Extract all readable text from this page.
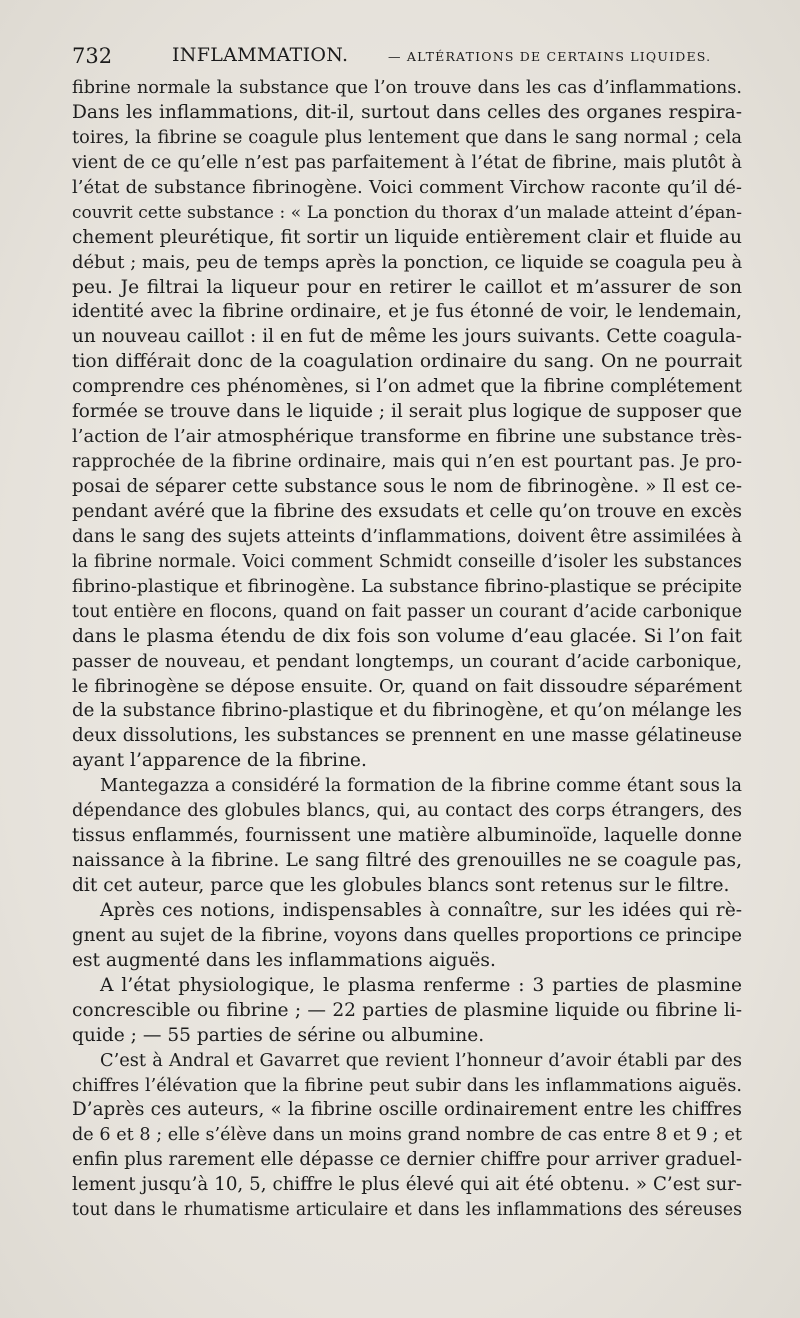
732	INFLAMMATION.	— ALTÉRATIONS DE CERTAINS LIQUIDES.
fibrine normale la substance que l’on trouve dans les cas d’inflammations.
Dans les inflammations, dit-il, surtout dans celles des organes respira-
toires, la fibrine se coagule plus lentement que dans le sang normal ; cela
vient de ce qu’elle n’est pas parfaitement à l’état de fibrine, mais plutôt à
l’état de substance fibrinogène. Voici comment Virchow raconte qu’il dé-
couvrit cette substance : « La ponction du thorax d’un malade atteint d’épan-
chement pleurétique, fit sortir un liquide entièrement clair et fluide au
début ; mais, peu de temps après la ponction, ce liquide se coagula peu à
peu. Je filtrai la liqueur pour en retirer le caillot et m’assurer de son
identité avec la fibrine ordinaire, et je fus étonné de voir, le lendemain,
un nouveau caillot : il en fut de même les jours suivants. Cette coagula-
tion différait donc de la coagulation ordinaire du sang. On ne pourrait
comprendre ces phénomènes, si l’on admet que la fibrine complétement
formée se trouve dans le liquide ; il serait plus logique de supposer que
l’action de l’air atmosphérique transforme en fibrine une substance très-
rapprochée de la fibrine ordinaire, mais qui n’en est pourtant pas. Je pro-
posai de séparer cette substance sous le nom de fibrinogène. » Il est ce-
pendant avéré que la fibrine des exsudats et celle qu’on trouve en excès
dans le sang des sujets atteints d’inflammations, doivent être assimilées à
la fibrine normale. Voici comment Schmidt conseille d’isoler les substances
fibrino-plastique et fibrinogène. La substance fibrino-plastique se précipite
tout entière en flocons, quand on fait passer un courant d’acide carbonique
dans le plasma étendu de dix fois son volume d’eau glacée. Si l’on fait
passer de nouveau, et pendant longtemps, un courant d’acide carbonique,
le fibrinogène se dépose ensuite. Or, quand on fait dissoudre séparément
de la substance fibrino-plastique et du fibrinogène, et qu’on mélange les
deux dissolutions, les substances se prennent en une masse gélatineuse
ayant l’apparence de la fibrine.
Mantegazza a considéré la formation de la fibrine comme étant sous la
dépendance des globules blancs, qui, au contact des corps étrangers, des
tissus enflammés, fournissent une matière albuminoïde, laquelle donne
naissance à la fibrine. Le sang filtré des grenouilles ne se coagule pas,
dit cet auteur, parce que les globules blancs sont retenus sur le filtre.
Après ces notions, indispensables à connaître, sur les idées qui rè-
gnent au sujet de la fibrine, voyons dans quelles proportions ce principe
est augmenté dans les inflammations aiguës.
A l’état physiologique, le plasma renferme : 3 parties de plasmine
concrescible ou fibrine ; — 22 parties de plasmine liquide ou fibrine li-
quide ; — 55 parties de sérine ou albumine.
C’est à Andral et Gavarret que revient l’honneur d’avoir établi par des
chiffres l’élévation que la fibrine peut subir dans les inflammations aiguës.
D’après ces auteurs, « la fibrine oscille ordinairement entre les chiffres
de 6 et 8 ; elle s’élève dans un moins grand nombre de cas entre 8 et 9 ; et
enfin plus rarement elle dépasse ce dernier chiffre pour arriver graduel-
lement jusqu’à 10, 5, chiffre le plus élevé qui ait été obtenu. » C’est sur-
tout dans le rhumatisme articulaire et dans les inflammations des séreuses
